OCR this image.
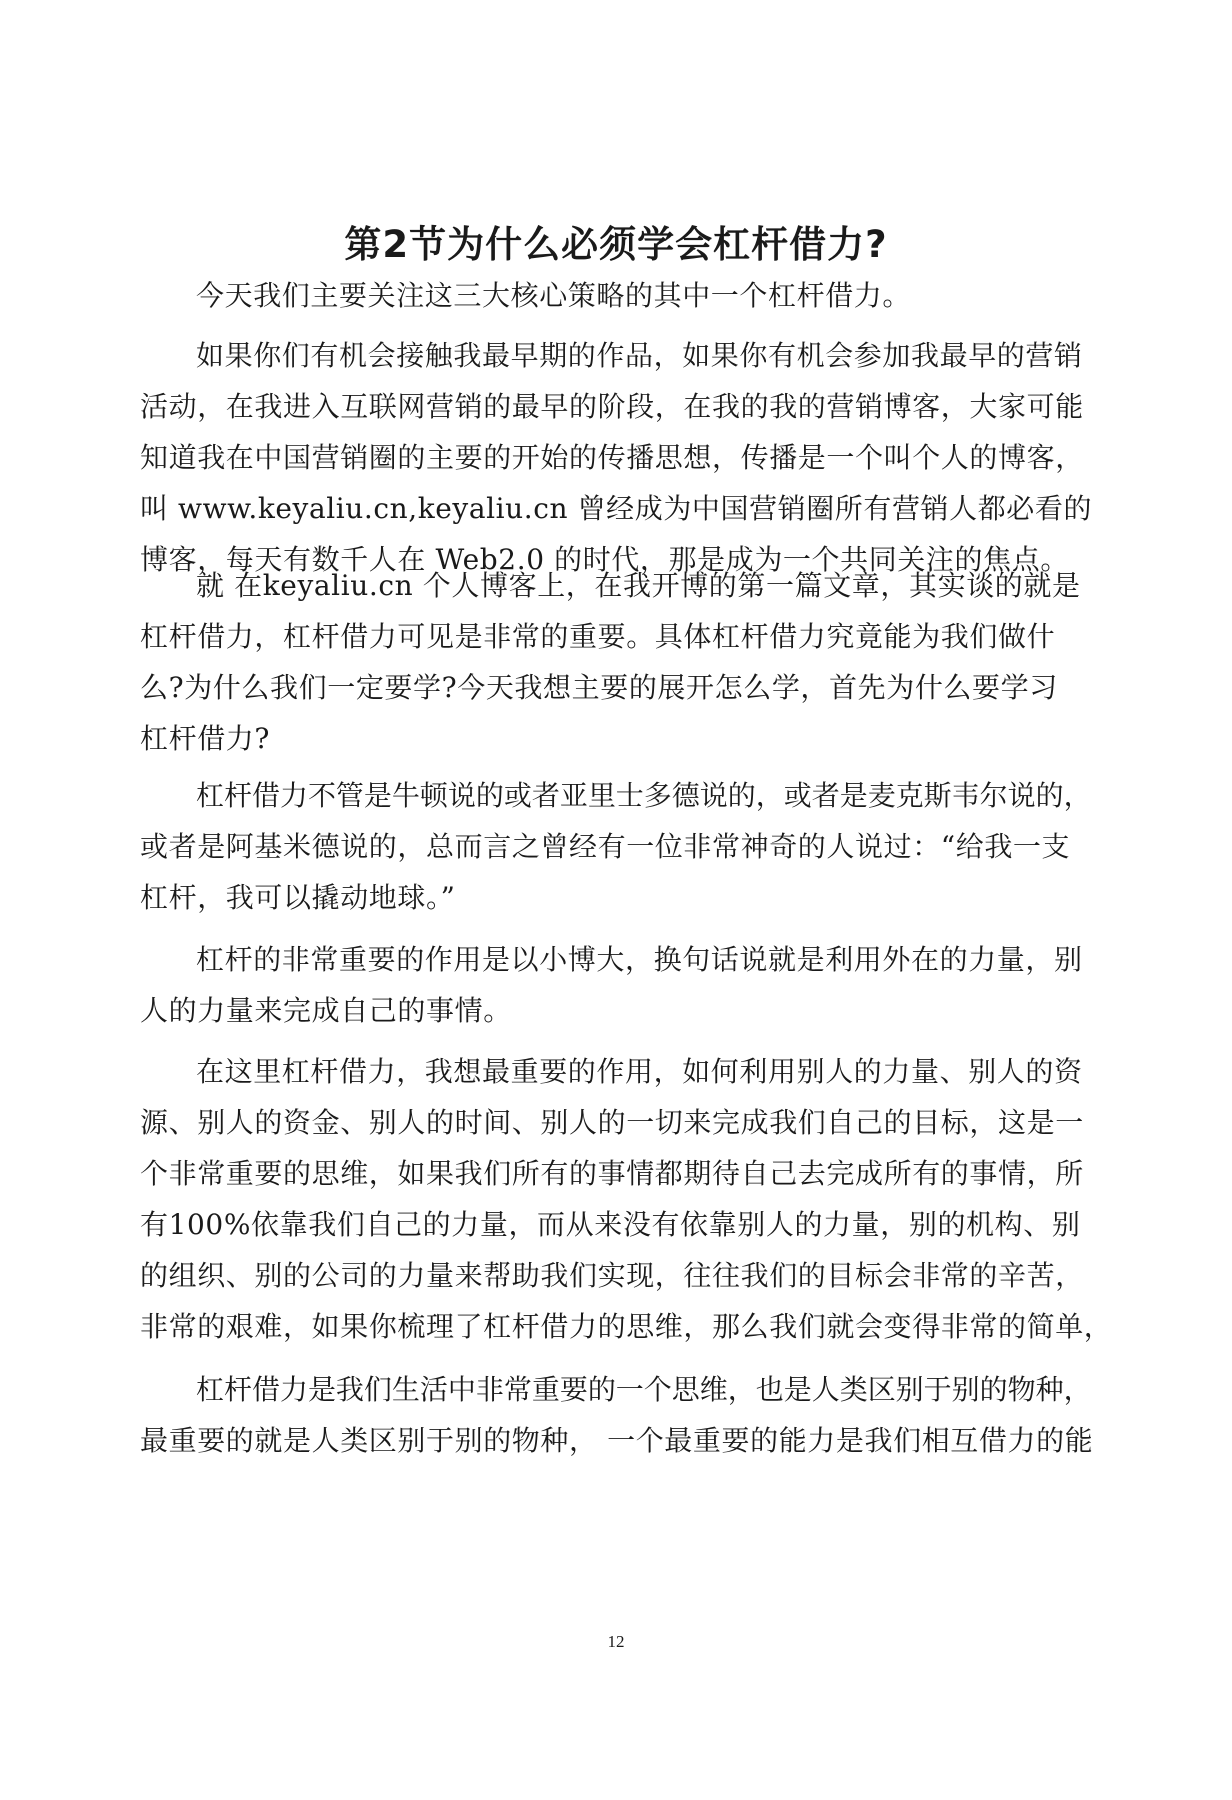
第2节为什么必须学会杠杆借力?
今天我们主要关注这三大核心策略的其中一个杠杆借力。
如果你们有机会接触我最早期的作品，如果你有机会参加我最早的营销
活动，在我进入互联网营销的最早的阶段，在我的我的营销博客，大家可能
知道我在中国营销圈的主要的开始的传播思想，传播是一个叫个人的博客，
叫 www.keyaliu.cn,keyaliu.cn 曾经成为中国营销圈所有营销人都必看的
博客，每天有数千人在 Web2.0 的时代，那是成为一个共同关注的焦点。
就 在keyaliu.cn 个人博客上，在我开博的第一篇文章，其实谈的就是
杠杆借力，杠杆借力可见是非常的重要。具体杠杆借力究竟能为我们做什
么?为什么我们一定要学?今天我想主要的展开怎么学，首先为什么要学习
杠杆借力?
杠杆借力不管是牛顿说的或者亚里士多德说的，或者是麦克斯韦尔说的，
或者是阿基米德说的，总而言之曾经有一位非常神奇的人说过：“给我一支
杠杆，我可以撬动地球。”
杠杆的非常重要的作用是以小博大，换句话说就是利用外在的力量，别
人的力量来完成自己的事情。
在这里杠杆借力，我想最重要的作用，如何利用别人的力量、别人的资
源、别人的资金、别人的时间、别人的一切来完成我们自己的目标，这是一
个非常重要的思维，如果我们所有的事情都期待自己去完成所有的事情，所
有100%依靠我们自己的力量，而从来没有依靠别人的力量，别的机构、别
的组织、别的公司的力量来帮助我们实现，往往我们的目标会非常的辛苦，
非常的艰难，如果你梳理了杠杆借力的思维，那么我们就会变得非常的简单，
杠杆借力是我们生活中非常重要的一个思维，也是人类区别于别的物种，
最重要的就是人类区别于别的物种， 一个最重要的能力是我们相互借力的能
12
